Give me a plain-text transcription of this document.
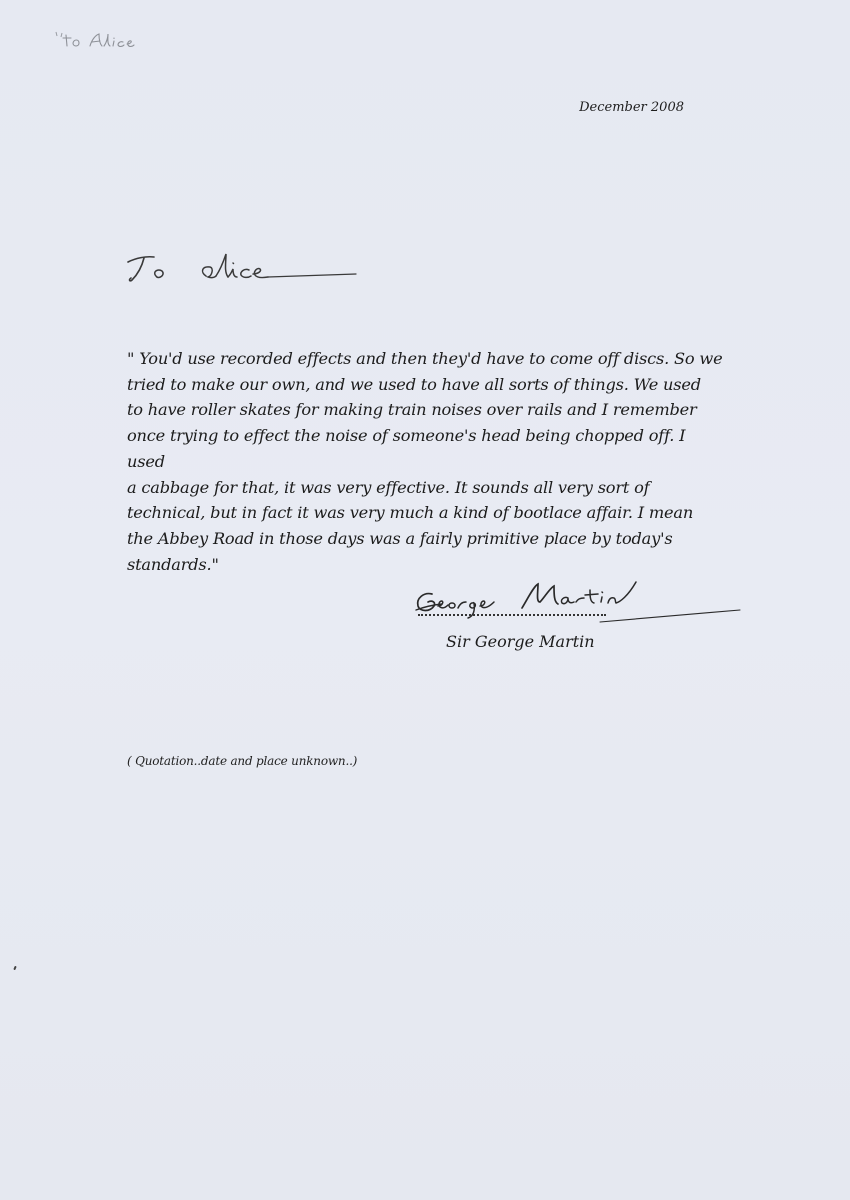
December 2008
" You'd use recorded effects and then they'd have to come off discs. So we
tried to make our own, and we used to have all sorts of things. We used
to have roller skates for making train noises over rails and I remember
once trying to effect the noise of someone's head being chopped off. I used
a cabbage for that, it was very effective. It sounds all very sort of
technical, but in fact it was very much a kind of bootlace affair. I mean
the Abbey Road in those days was a fairly primitive place by today's
standards."
Sir George Martin
( Quotation..date and place unknown..)
